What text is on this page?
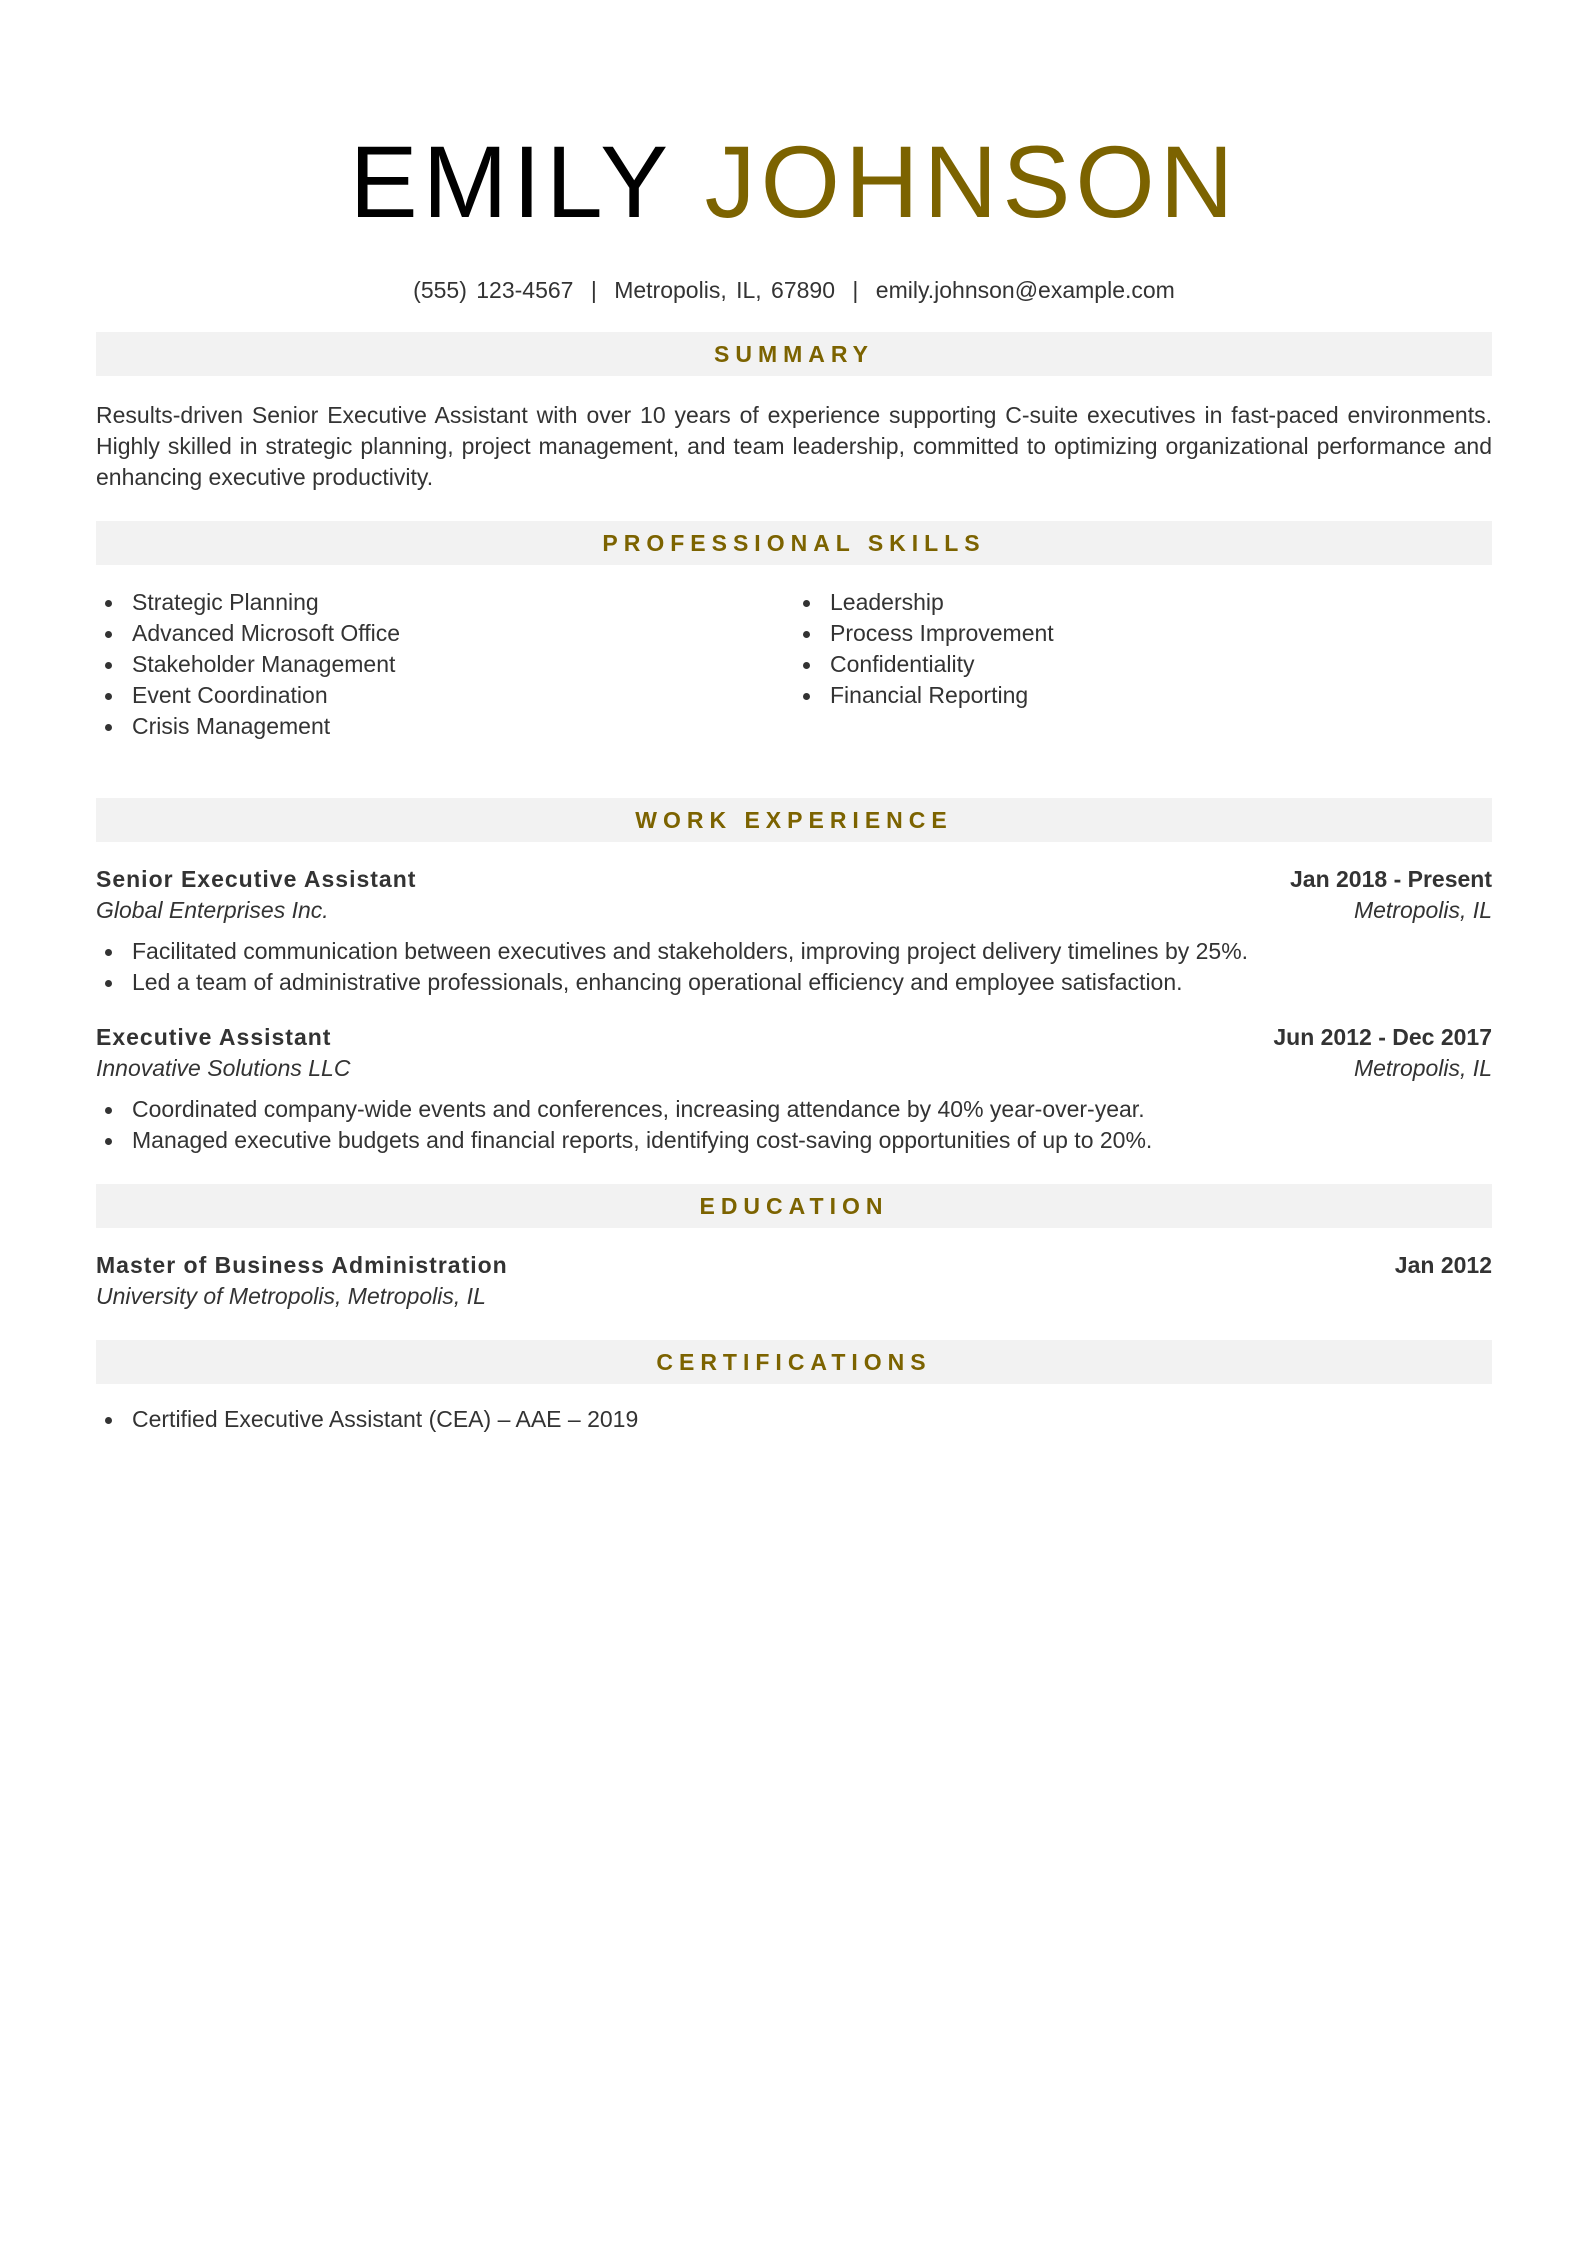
EMILY JOHNSON
(555) 123-4567 | Metropolis, IL, 67890 | emily.johnson@example.com
SUMMARY

Results-driven Senior Executive Assistant with over 10 years of experience supporting C-suite executives in fast-paced environments. Highly skilled in strategic planning, project management, and team leadership, committed to optimizing organizational performance and enhancing executive productivity.

PROFESSIONAL SKILLS
Strategic Planning
Advanced Microsoft Office
Stakeholder Management
Event Coordination
Crisis Management
Leadership
Process Improvement
Confidentiality
Financial Reporting
WORK EXPERIENCE
Senior Executive Assistant	Jan 2018 - Present
Global Enterprises Inc.	Metropolis, IL
Facilitated communication between executives and stakeholders, improving project delivery timelines by 25%.
Led a team of administrative professionals, enhancing operational efficiency and employee satisfaction.
Executive Assistant	Jun 2012 - Dec 2017
Innovative Solutions LLC	Metropolis, IL
Coordinated company-wide events and conferences, increasing attendance by 40% year-over-year.
Managed executive budgets and financial reports, identifying cost-saving opportunities of up to 20%.
EDUCATION
Master of Business Administration	Jan 2012
University of Metropolis, Metropolis, IL
CERTIFICATIONS
Certified Executive Assistant (CEA) – AAE – 2019
